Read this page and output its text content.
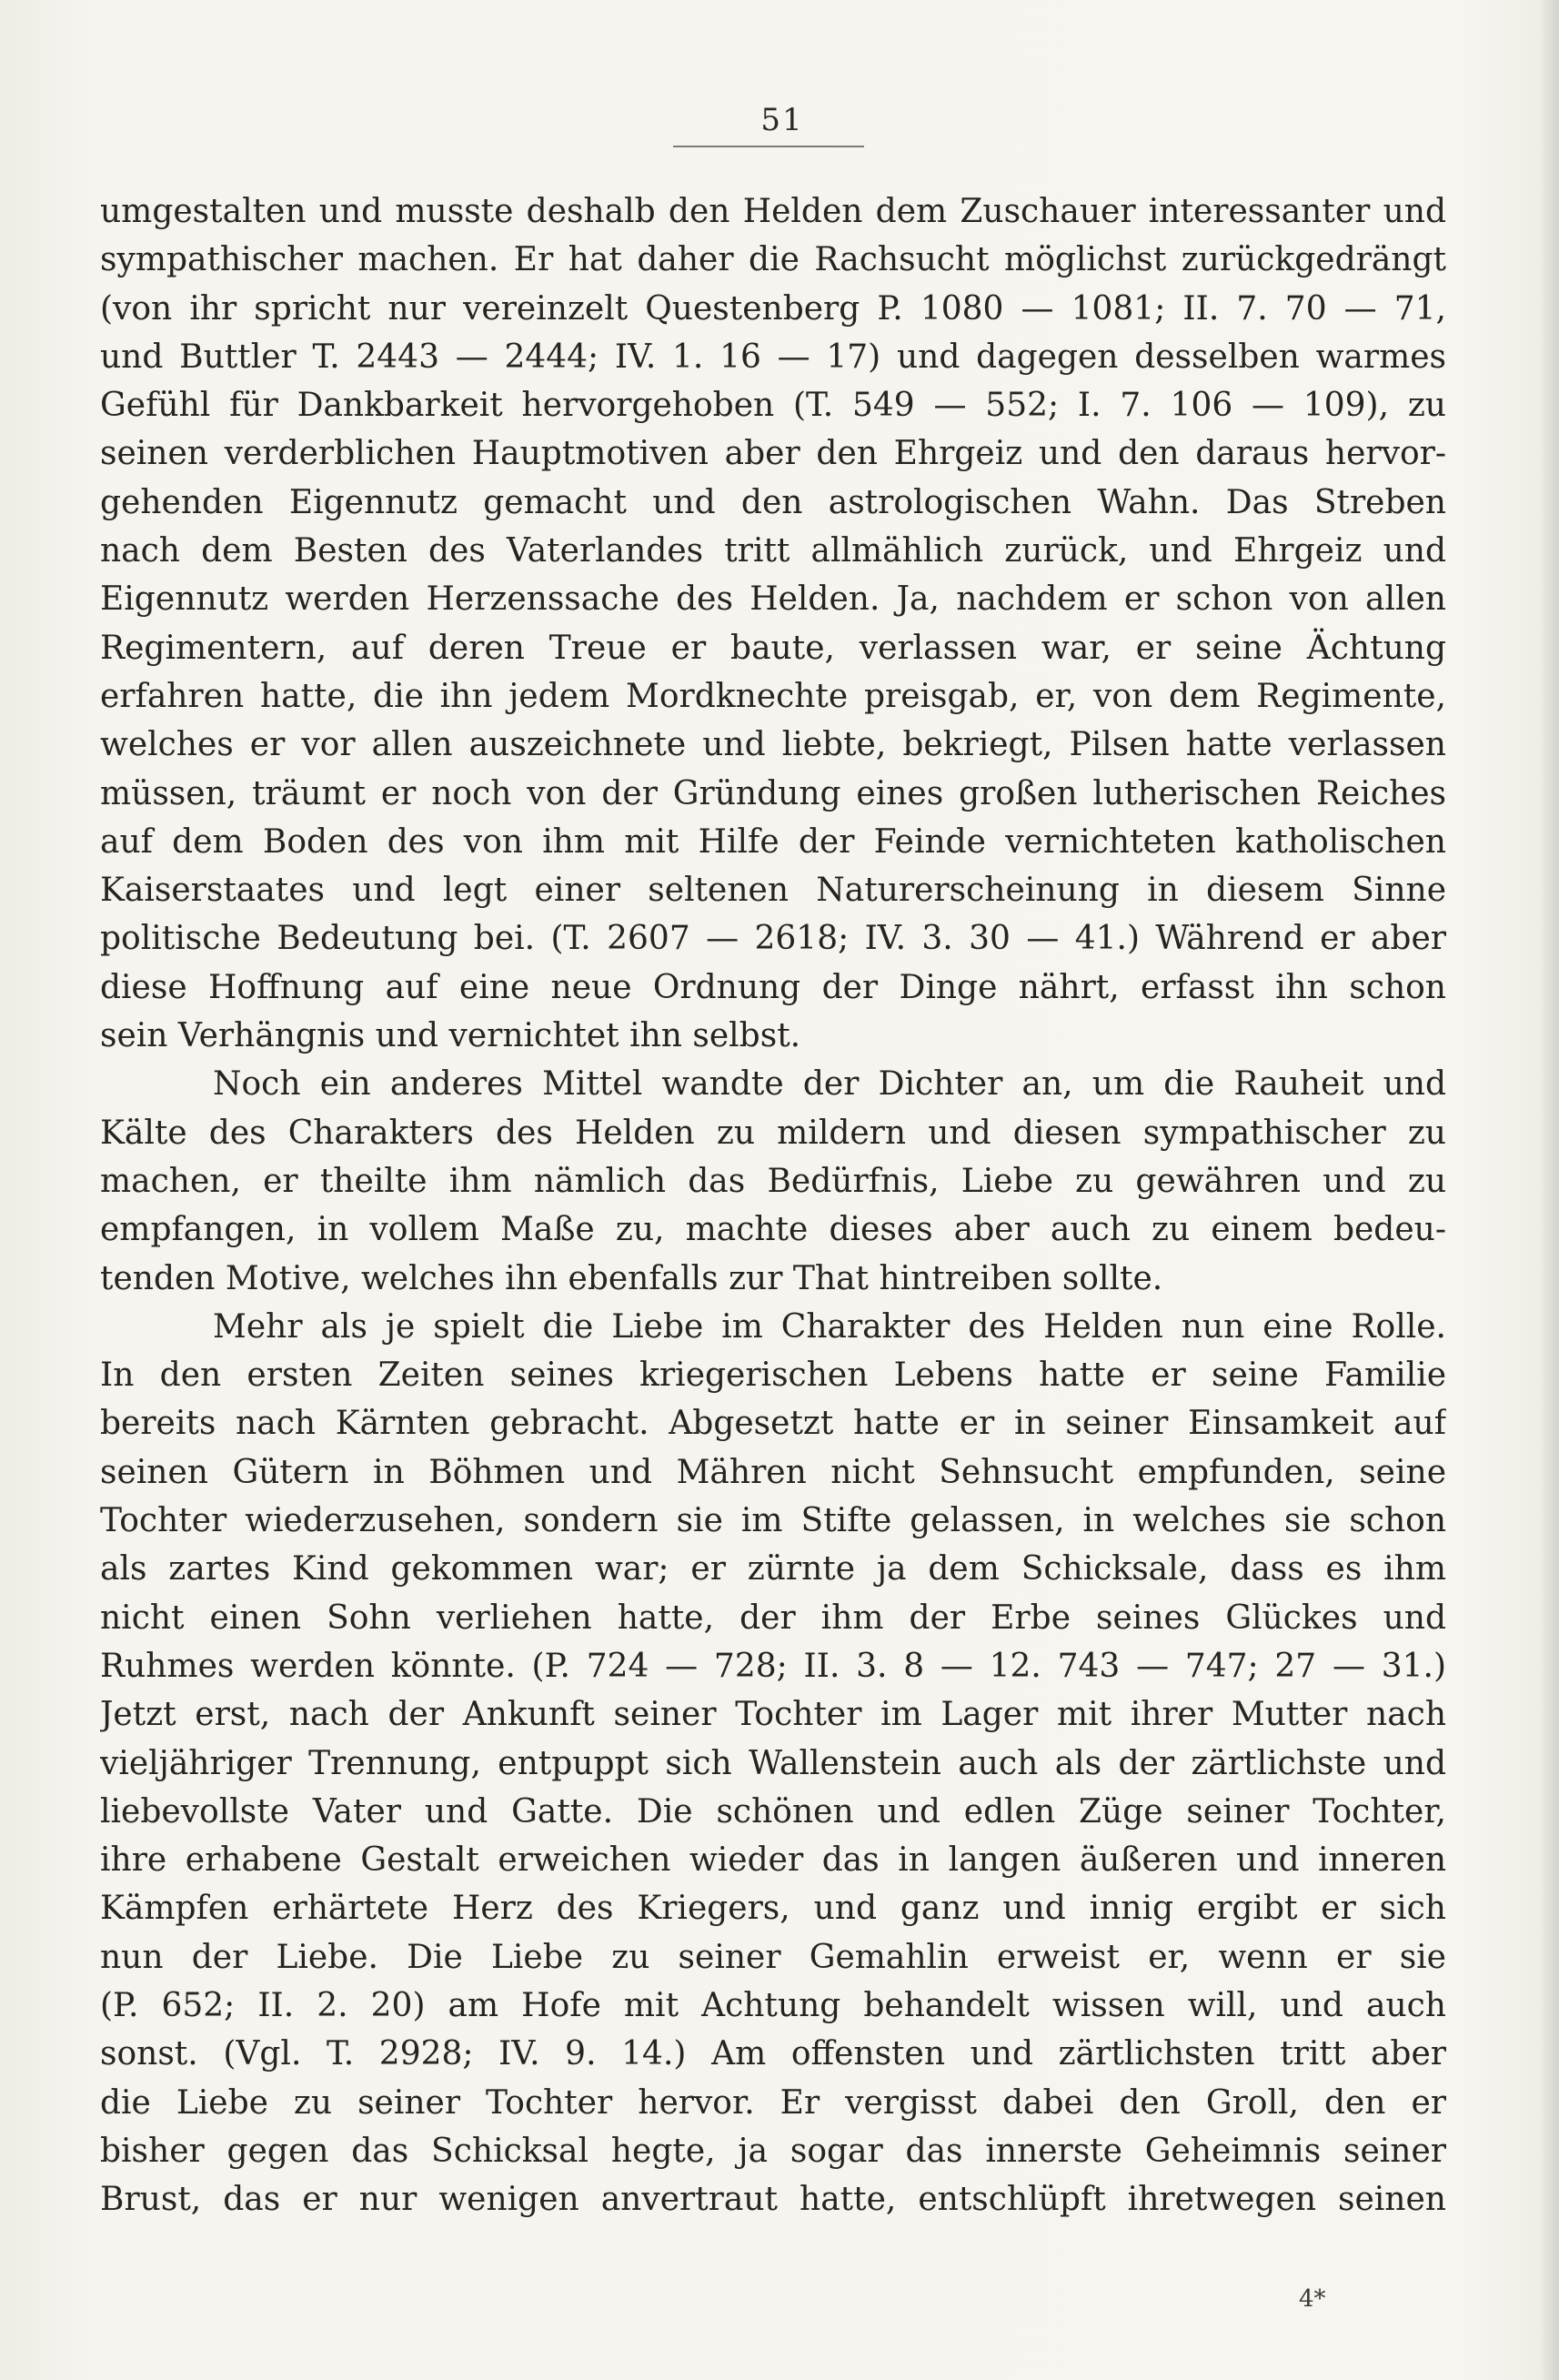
51
umgestalten und musste deshalb den Helden dem Zuschauer interessanter und
sympathischer machen. Er hat daher die Rachsucht möglichst zurückgedrängt
(von ihr spricht nur vereinzelt Questenberg P. 1080 — 1081; II. 7. 70 — 71,
und Buttler T. 2443 — 2444; IV. 1. 16 — 17) und dagegen desselben warmes
Gefühl für Dankbarkeit hervorgehoben (T. 549 — 552; I. 7. 106 — 109), zu
seinen verderblichen Hauptmotiven aber den Ehrgeiz und den daraus hervor-
gehenden Eigennutz gemacht und den astrologischen Wahn. Das Streben
nach dem Besten des Vaterlandes tritt allmählich zurück, und Ehrgeiz und
Eigennutz werden Herzenssache des Helden. Ja, nachdem er schon von allen
Regimentern, auf deren Treue er baute, verlassen war, er seine Ächtung
erfahren hatte, die ihn jedem Mordknechte preisgab, er, von dem Regimente,
welches er vor allen auszeichnete und liebte, bekriegt, Pilsen hatte verlassen
müssen, träumt er noch von der Gründung eines großen lutherischen Reiches
auf dem Boden des von ihm mit Hilfe der Feinde vernichteten katholischen
Kaiserstaates und legt einer seltenen Naturerscheinung in diesem Sinne
politische Bedeutung bei. (T. 2607 — 2618; IV. 3. 30 — 41.) Während er aber
diese Hoffnung auf eine neue Ordnung der Dinge nährt, erfasst ihn schon
sein Verhängnis und vernichtet ihn selbst.
Noch ein anderes Mittel wandte der Dichter an, um die Rauheit und
Kälte des Charakters des Helden zu mildern und diesen sympathischer zu
machen, er theilte ihm nämlich das Bedürfnis, Liebe zu gewähren und zu
empfangen, in vollem Maße zu, machte dieses aber auch zu einem bedeu-
tenden Motive, welches ihn ebenfalls zur That hintreiben sollte.
Mehr als je spielt die Liebe im Charakter des Helden nun eine Rolle.
In den ersten Zeiten seines kriegerischen Lebens hatte er seine Familie
bereits nach Kärnten gebracht. Abgesetzt hatte er in seiner Einsamkeit auf
seinen Gütern in Böhmen und Mähren nicht Sehnsucht empfunden, seine
Tochter wiederzusehen, sondern sie im Stifte gelassen, in welches sie schon
als zartes Kind gekommen war; er zürnte ja dem Schicksale, dass es ihm
nicht einen Sohn verliehen hatte, der ihm der Erbe seines Glückes und
Ruhmes werden könnte. (P. 724 — 728; II. 3. 8 — 12. 743 — 747; 27 — 31.)
Jetzt erst, nach der Ankunft seiner Tochter im Lager mit ihrer Mutter nach
vieljähriger Trennung, entpuppt sich Wallenstein auch als der zärtlichste und
liebevollste Vater und Gatte. Die schönen und edlen Züge seiner Tochter,
ihre erhabene Gestalt erweichen wieder das in langen äußeren und inneren
Kämpfen erhärtete Herz des Kriegers, und ganz und innig ergibt er sich
nun der Liebe. Die Liebe zu seiner Gemahlin erweist er, wenn er sie
(P. 652; II. 2. 20) am Hofe mit Achtung behandelt wissen will, und auch
sonst. (Vgl. T. 2928; IV. 9. 14.) Am offensten und zärtlichsten tritt aber
die Liebe zu seiner Tochter hervor. Er vergisst dabei den Groll, den er
bisher gegen das Schicksal hegte, ja sogar das innerste Geheimnis seiner
Brust, das er nur wenigen anvertraut hatte, entschlüpft ihretwegen seinen
4*
